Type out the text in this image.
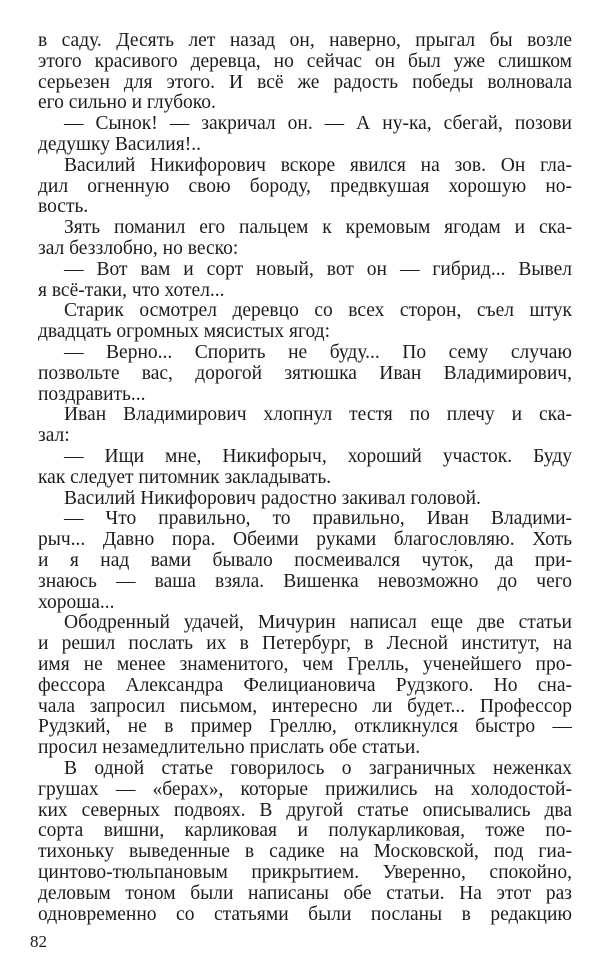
в саду. Десять лет назад он, наверно, прыгал бы возле
этого красивого деревца, но сейчас он был уже слишком
серьезен для этого. И всё же радость победы волновала
его сильно и глубоко.
— Сынок! — закричал он. — А ну-ка, сбегай, позови
дедушку Василия!..
Василий Никифорович вскоре явился на зов. Он гла-
дил огненную свою бороду, предвкушая хорошую но-
вость.
Зять поманил его пальцем к кремовым ягодам и ска-
зал беззлобно, но веско:
— Вот вам и сорт новый, вот он — гибрид... Вывел
я всё-таки, что хотел...
Старик осмотрел деревцо со всех сторон, съел штук
двадцать огромных мясистых ягод:
— Верно... Спорить не буду... По сему случаю
позвольте вас, дорогой зятюшка Иван Владимирович,
поздравить...
Иван Владимирович хлопнул тестя по плечу и ска-
зал:
— Ищи мне, Никифорыч, хороший участок. Буду
как следует питомник закладывать.
Василий Никифорович радостно закивал головой.
— Что правильно, то правильно, Иван Владими-
рыч... Давно пора. Обеими руками благословляю. Хоть
и я над вами бывало посмеивался чуто́к, да при-
знаюсь — ваша взяла. Вишенка невозможно до чего
хороша...
Ободренный удачей, Мичурин написал еще две статьи
и решил послать их в Петербург, в Лесной институт, на
имя не менее знаменитого, чем Грелль, ученейшего про-
фессора Александра Фелициановича Рудзкого. Но сна-
чала запросил письмом, интересно ли будет... Профессор
Рудзкий, не в пример Греллю, откликнулся быстро —
просил незамедлительно прислать обе статьи.
В одной статье говорилось о заграничных неженках
грушах — «берах», которые прижились на холодостой-
ких северных подвоях. В другой статье описывались два
сорта вишни, карликовая и полукарликовая, тоже по-
тихоньку выведенные в садике на Московской, под гиа-
цинтово-тюльпановым прикрытием. Уверенно, спокойно,
деловым тоном были написаны обе статьи. На этот раз
одновременно со статьями были посланы в редакцию
82
